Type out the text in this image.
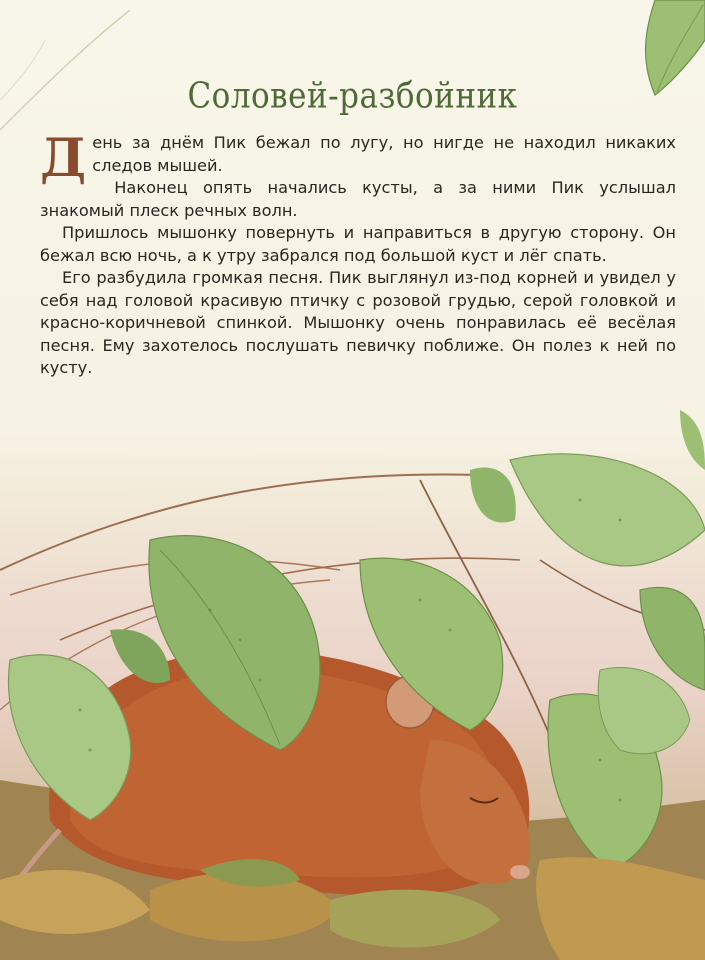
Соловей-разбойник

День за днём Пик бежал по лугу, но нигде не находил никаких следов мышей.

Наконец опять начались кусты, а за ними Пик услышал знакомый плеск речных волн.

Пришлось мышонку повернуть и направиться в другую сторону. Он бежал всю ночь, а к утру забрался под большой куст и лёг спать.

Его разбудила громкая песня. Пик выглянул из-под корней и увидел у себя над головой красивую птичку с розовой грудью, серой головкой и красно-коричневой спинкой. Мышонку очень понравилась её весёлая песня. Ему захотелось послушать певичку поближе. Он полез к ней по кусту.
